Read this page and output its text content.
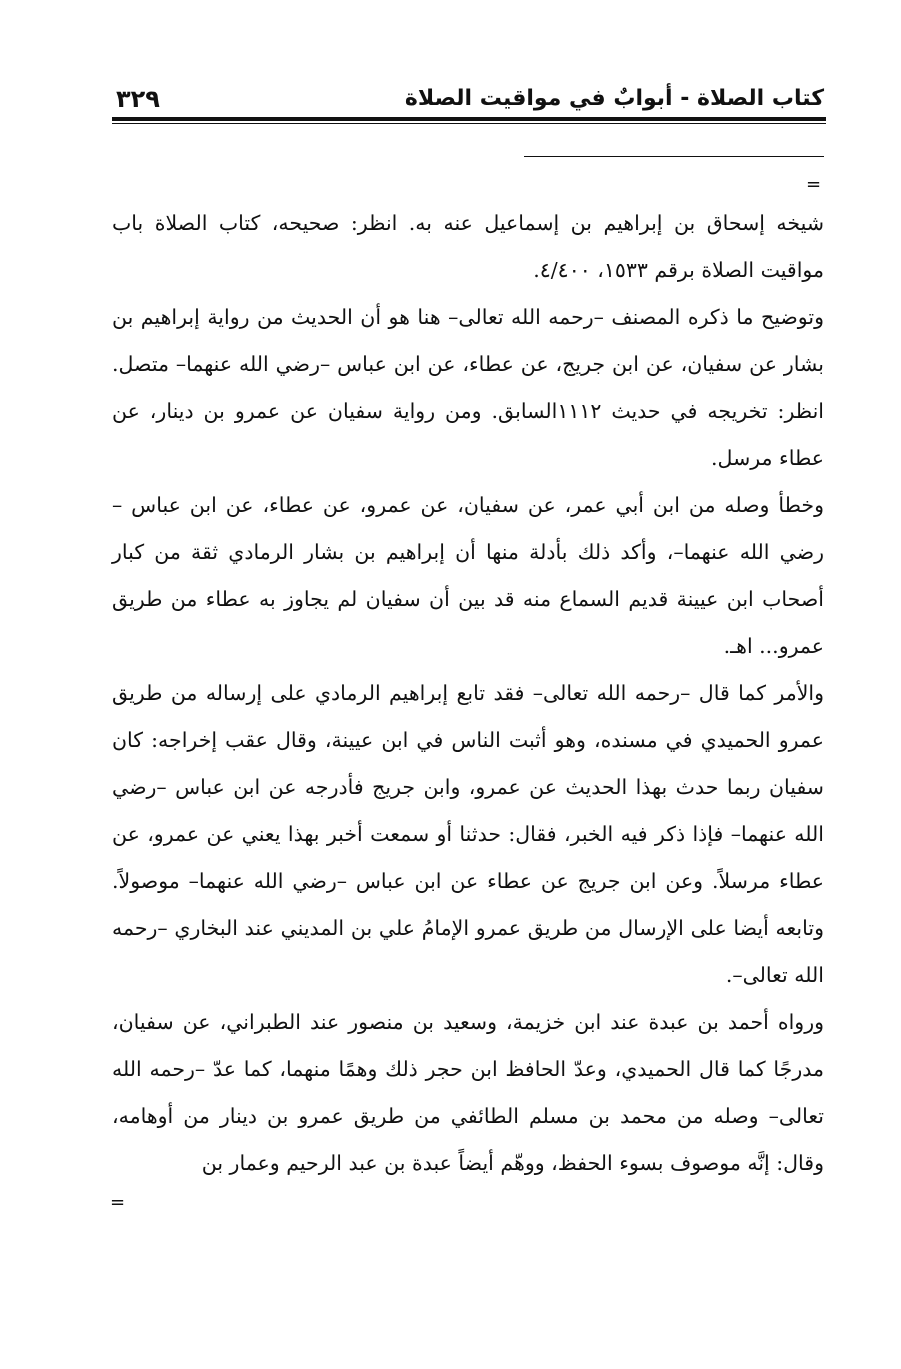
كتاب الصلاة - أبوابٌ في مواقيت الصلاة
٣٢٩
=

شيخه إسحاق بن إبراهيم بن إسماعيل عنه به. انظر: صحيحه، كتاب الصلاة باب مواقيت الصلاة برقم ١٥٣٣، ٤/٤٠٠.

وتوضيح ما ذكره المصنف –رحمه الله تعالى– هنا هو أن الحديث من رواية إبراهيم بن بشار عن سفيان، عن ابن جريج، عن عطاء، عن ابن عباس –رضي الله عنهما– متصل. انظر: تخريجه في حديث ١١١٢السابق. ومن رواية سفيان عن عمرو بن دينار، عن عطاء مرسل.

وخطأ وصله من ابن أبي عمر، عن سفيان، عن عمرو، عن عطاء، عن ابن عباس –رضي الله عنهما–، وأكد ذلك بأدلة منها أن إبراهيم بن بشار الرمادي ثقة من كبار أصحاب ابن عيينة قديم السماع منه قد بين أن سفيان لم يجاوز به عطاء من طريق عمرو... اهـ.

والأمر كما قال –رحمه الله تعالى– فقد تابع إبراهيم الرمادي على إرساله من طريق عمرو الحميدي في مسنده، وهو أثبت الناس في ابن عيينة، وقال عقب إخراجه: كان سفيان ربما حدث بهذا الحديث عن عمرو، وابن جريج فأدرجه عن ابن عباس –رضي الله عنهما– فإذا ذكر فيه الخبر، فقال: حدثنا أو سمعت أخبر بهذا يعني عن عمرو، عن عطاء مرسلاً. وعن ابن جريج عن عطاء عن ابن عباس –رضي الله عنهما– موصولاً. وتابعه أيضا على الإرسال من طريق عمرو الإمامُ علي بن المديني عند البخاري –رحمه الله تعالى–.

ورواه أحمد بن عبدة عند ابن خزيمة، وسعيد بن منصور عند الطبراني، عن سفيان، مدرجًا كما قال الحميدي، وعدّ الحافظ ابن حجر ذلك وهمًا منهما، كما عدّ –رحمه الله تعالى– وصله من محمد بن مسلم الطائفي من طريق عمرو بن دينار من أوهامه، وقال: إنَّه موصوف بسوء الحفظ، ووهّم أيضاً عبدة بن عبد الرحيم وعمار بن

=
